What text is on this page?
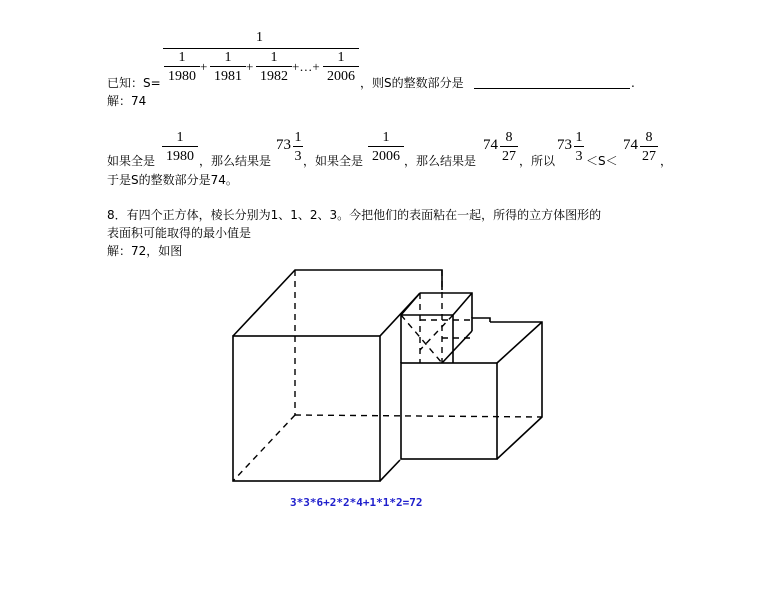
1
1
1980
+
1
1981
+
1
1982
+…+
1
2006
已知：S=	，则S的整数部分是	.
解：74
如果全是
1
1980 ，那么结果是
73 1
3 ，如果全是
1
2006 ，那么结果是
74 8
27 ，所以
73 1
3 ＜S＜
74 8
27 ，
于是S的整数部分是74。
8．有四个正方体，棱长分别为1、1、2、3。今把他们的表面粘在一起，所得的立方体图形的
表面积可能取得的最小值是
解：72，如图
3*3*6+2*2*4+1*1*2=72
